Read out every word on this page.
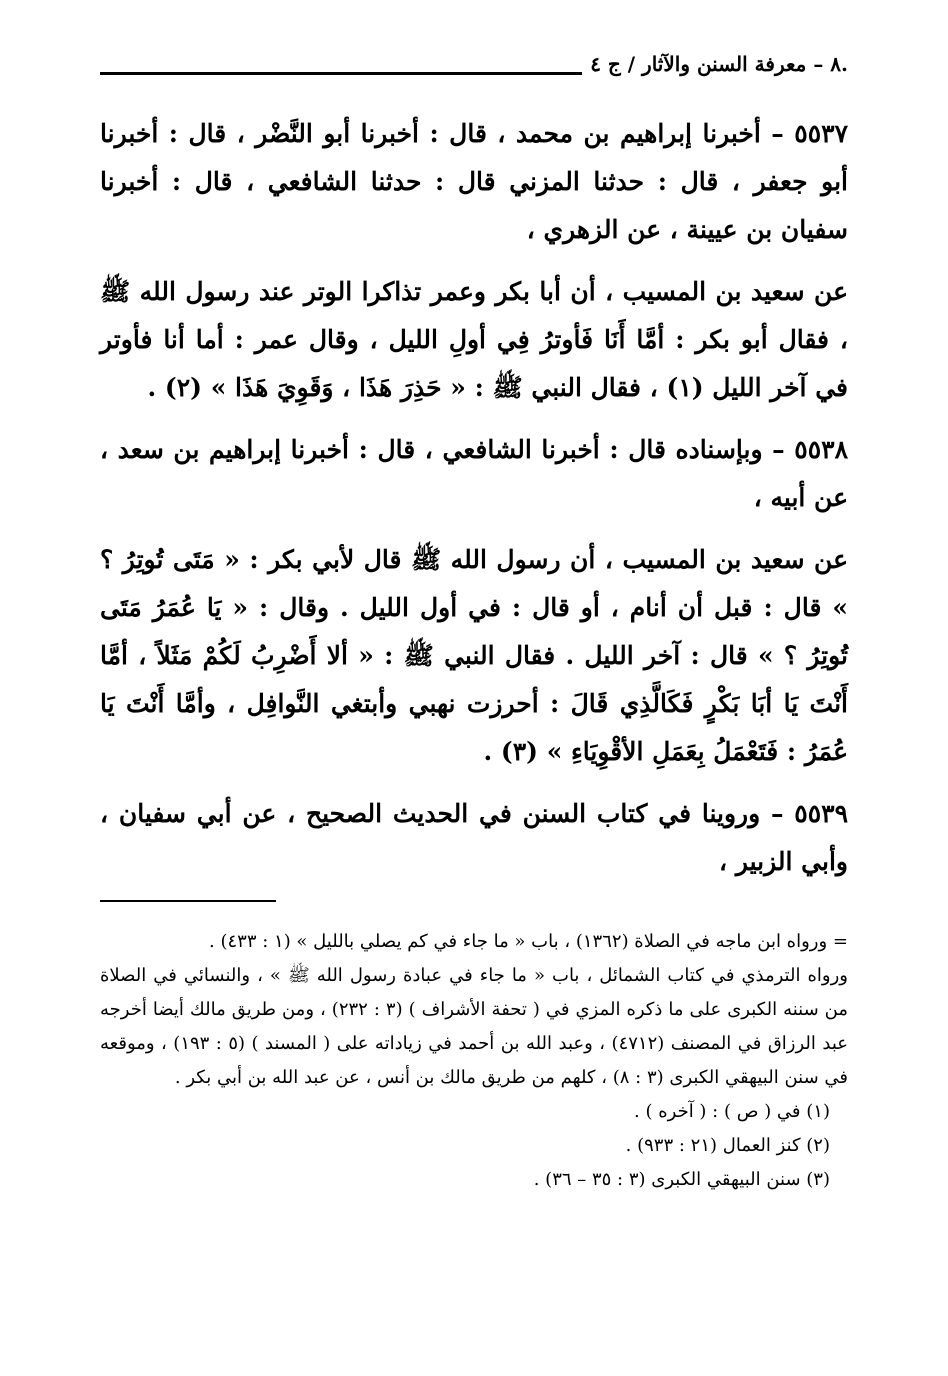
.٨ – معرفة السنن والآثار / ج ٤

٥٥٣٧ – أخبرنا إبراهيم بن محمد ، قال : أخبرنا أبو النَّضْر ، قال : أخبرنا أبو جعفر ، قال : حدثنا المزني قال : حدثنا الشافعي ، قال : أخبرنا سفيان بن عيينة ، عن الزهري ،

عن سعيد بن المسيب ، أن أبا بكر وعمر تذاكرا الوتر عند رسول الله ﷺ ، فقال أبو بكر : أمَّا أَنَا فَأوترُ فِي أولِ الليل ، وقال عمر : أما أنا فأوتر في آخر الليل (١) ، فقال النبي ﷺ : « حَذِرَ هَذَا ، وَقَوِيَ هَذَا » (٢) .

٥٥٣٨ – وبإسناده قال : أخبرنا الشافعي ، قال : أخبرنا إبراهيم بن سعد ، عن أبيه ،

عن سعيد بن المسيب ، أن رسول الله ﷺ قال لأبي بكر : « مَتَى تُوتِرُ ؟ » قال : قبل أن أنام ، أو قال : في أول الليل . وقال : « يَا عُمَرُ مَتَى تُوتِرُ ؟ » قال : آخر الليل . فقال النبي ﷺ : « ألا أَضْرِبُ لَكُمْ مَثَلاً ، أمَّا أَنْتَ يَا أبَا بَكْرٍ فَكَالَّذِي قَالَ : أحرزت نهبي وأبتغي النَّوافِل ، وأمَّا أَنْتَ يَا عُمَرُ : فَتَعْمَلُ بِعَمَلِ الأقْوِيَاءِ » (٣) .

٥٥٣٩ – وروينا في كتاب السنن في الحديث الصحيح ، عن أبي سفيان ، وأبي الزبير ،

= ورواه ابن ماجه في الصلاة (١٣٦٢) ، باب « ما جاء في كم يصلي بالليل » (١ : ٤٣٣) .

ورواه الترمذي في كتاب الشمائل ، باب « ما جاء في عبادة رسول الله ﷺ » ، والنسائي في الصلاة من سننه الكبرى على ما ذكره المزي في ( تحفة الأشراف ) (٣ : ٢٣٢) ، ومن طريق مالك أيضا أخرجه عبد الرزاق في المصنف (٤٧١٢) ، وعبد الله بن أحمد في زياداته على ( المسند ) (٥ : ١٩٣) ، وموقعه في سنن البيهقي الكبرى (٣ : ٨) ، كلهم من طريق مالك بن أنس ، عن عبد الله بن أبي بكر .

(١) في ( ص ) : ( آخره ) .

(٢) كنز العمال (٢١ : ٩٣٣) .

(٣) سنن البيهقي الكبرى (٣ : ٣٥ – ٣٦) .
